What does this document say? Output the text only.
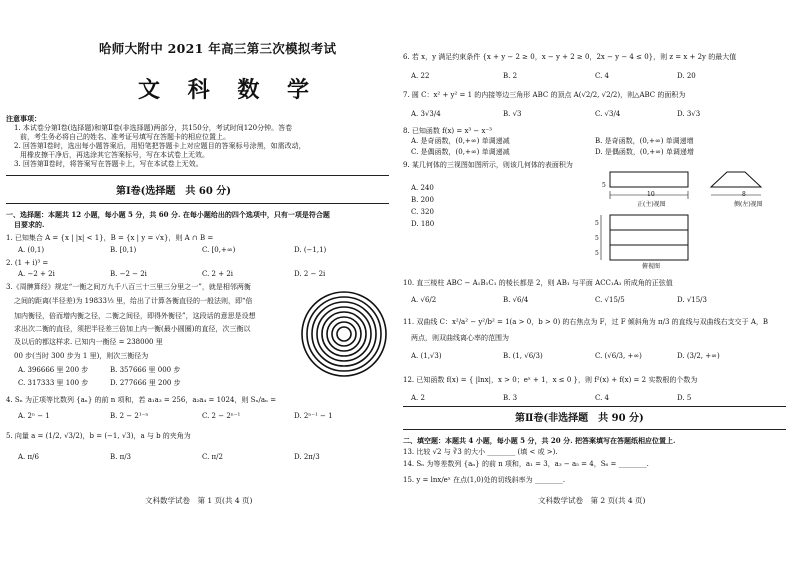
哈师大附中 2021 年高三第三次模拟考试
文 科 数 学
注意事项：
1. 本试卷分第Ⅰ卷(选择题)和第Ⅱ卷(非选择题)两部分，共150分，考试时间120分钟。答卷
前，考生务必将自己的姓名、准考证号填写在答题卡的相应位置上。
2. 回答第Ⅰ卷时，选出每小题答案后，用铅笔把答题卡上对应题目的答案标号涂黑，如需改动，
用橡皮擦干净后，再选涂其它答案标号，写在本试卷上无效。
3. 回答第Ⅱ卷时，将答案写在答题卡上，写在本试卷上无效。
第Ⅰ卷(选择题　共 60 分)
一、选择题：本题共 12 小题，每小题 5 分，共 60 分. 在每小题给出的四个选项中，只有一项是符合题
目要求的.
1. 已知集合 A = {x | |x| < 1}，B = {x | y = √x}，则 A ∩ B =
A. (0,1)	B. [0,1)	C. [0,+∞)	D. (−1,1)
2. (1 + i)³ =
A. −2 + 2i	B. −2 − 2i	C. 2 + 2i	D. 2 − 2i
3.《周髀算经》规定“一衡之间万九千八百三十三里三分里之一”，就是相邻两衡
之间的距离(半径差)为 19833⅓ 里，给出了计算各衡直径的一般法则，即“倍
加内衡径，倍而增内衡之径，二衡之间径，即得外衡径”，这段话的意思是设想
求出次二衡的直径，须把半径差三倍加上内一衡(最小圆圈)的直径，次三衡以
及以后的都这样求. 已知内一衡径 = 238000 里
00 步(当时 300 步为 1 里)，则次三衡径为
A. 396666 里 200 步	B. 357666 里 000 步
C. 317333 里 100 步	D. 277666 里 200 步
4. Sₙ 为正项等比数列 {aₙ} 的前 n 项和，若 a₁a₃ = 256，a₂a₄ = 1024，则 Sₙ/aₙ =
A. 2ⁿ − 1	B. 2 − 2¹⁻ⁿ	C. 2 − 2ⁿ⁻¹	D. 2ⁿ⁻¹ − 1
5. 向量 a = (1/2, √3/2)，b = (−1, √3)，a 与 b 的夹角为
A. π/6	B. π/3	C. π/2	D. 2π/3
文科数学试卷　第 1 页(共 4 页)
6. 若 x，y 满足约束条件 {x + y − 2 ≥ 0，x − y + 2 ≥ 0，2x − y − 4 ≤ 0}，则 z = x + 2y 的最大值
A. 22	B. 2	C. 4	D. 20
7. 圆 C：x² + y² = 1 的内接等边三角形 ABC 的顶点 A(√2/2, √2/2)，则△ABC 的面积为
A. 3√3/4	B. √3	C. √3/4	D. 3√3
8. 已知函数 f(x) = x³ − x⁻³
A. 是奇函数，(0,+∞) 单调递减	B. 是奇函数，(0,+∞) 单调递增
C. 是偶函数，(0,+∞) 单调递减	D. 是偶函数，(0,+∞) 单调递增
9. 某几何体的三视图如图所示，则该几何体的表面积为
A. 240
B. 200
C. 320
D. 180
10
5
8
5
5
5
正(主)视图	侧(左)视图
俯视图
10. 直三棱柱 ABC − A₁B₁C₁ 的棱长都是 2，则 AB₁ 与平面 ACC₁A₁ 所成角的正弦值
A. √6/2	B. √6/4	C. √15/5	D. √15/3
11. 双曲线 C：x²/a² − y²/b² = 1(a > 0，b > 0) 的右焦点为 F，过 F 倾斜角为 π/3 的直线与双曲线右支交于 A，B
两点，则双曲线离心率的范围为
A. (1,√3)	B. (1, √6/3)	C. (√6/3, +∞)	D. (3/2, +∞)
12. 已知函数 f(x) = { |lnx|，x > 0；eˣ + 1，x ≤ 0 }，则 f²(x) + f(x) = 2 实数根的个数为
A. 2	B. 3	C. 4	D. 5
第Ⅱ卷(非选择题　共 90 分)
二、填空题：本题共 4 小题，每小题 5 分，共 20 分. 把答案填写在答题纸相应位置上.
13. 比较 √2 与 ∛3 的大小 ________ (填 < 或 >).
14. Sₙ 为等差数列 {aₙ} 的前 n 项和，a₁ = 3，a₃ − a₅ = 4，S₆ = ________.
15. y = lnx/eˣ 在点(1,0)处的切线斜率为 ________.
文科数学试卷　第 2 页(共 4 页)
